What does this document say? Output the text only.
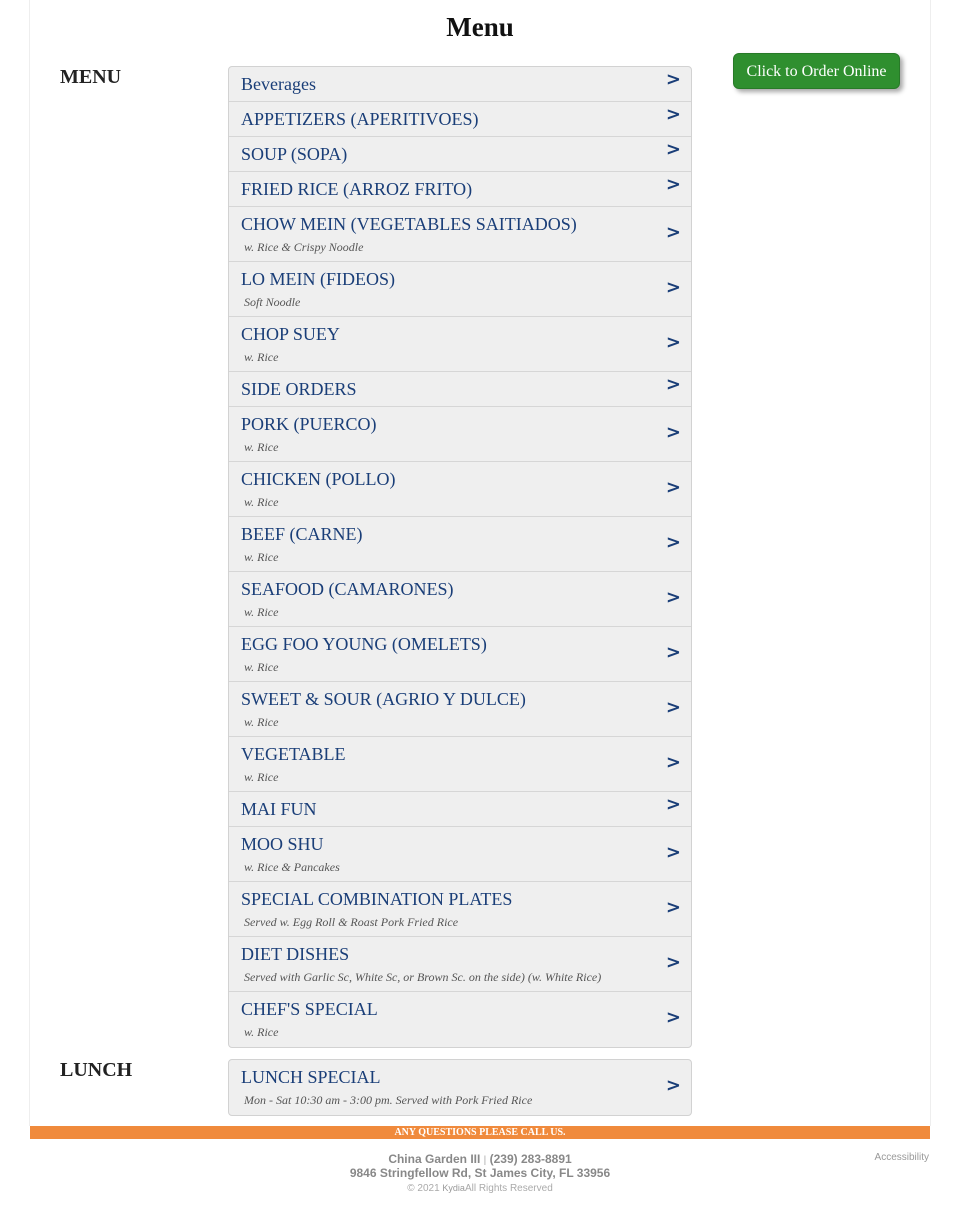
Menu
MENU	Beverages	>
APPETIZERS (APERITIVOES)	>
SOUP (SOPA)	>
FRIED RICE (ARROZ FRITO)	>
CHOW MEIN (VEGETABLES SAITIADOS)
w. Rice & Crispy Noodle
>
LO MEIN (FIDEOS)
Soft Noodle
>
CHOP SUEY
w. Rice
>
SIDE ORDERS	>
PORK (PUERCO)
w. Rice
>
CHICKEN (POLLO)
w. Rice
>
BEEF (CARNE)
w. Rice
>
SEAFOOD (CAMARONES)
w. Rice
>
EGG FOO YOUNG (OMELETS)
w. Rice
>
SWEET & SOUR (AGRIO Y DULCE)
w. Rice
>
VEGETABLE
w. Rice
>
MAI FUN	>
MOO SHU
w. Rice & Pancakes
>
SPECIAL COMBINATION PLATES
Served w. Egg Roll & Roast Pork Fried Rice
>
DIET DISHES
Served with Garlic Sc, White Sc, or Brown Sc. on the side) (w. White Rice)
>
CHEF'S SPECIAL
w. Rice
>
LUNCH	LUNCH SPECIAL
Mon - Sat 10:30 am - 3:00 pm. Served with Pork Fried Rice
>
Click to Order Online
ANY QUESTIONS PLEASE CALL US.
China Garden III | (239) 283-8891
9846 Stringfellow Rd, St James City, FL 33956
© 2021 KydiaAll Rights Reserved
Accessibility
